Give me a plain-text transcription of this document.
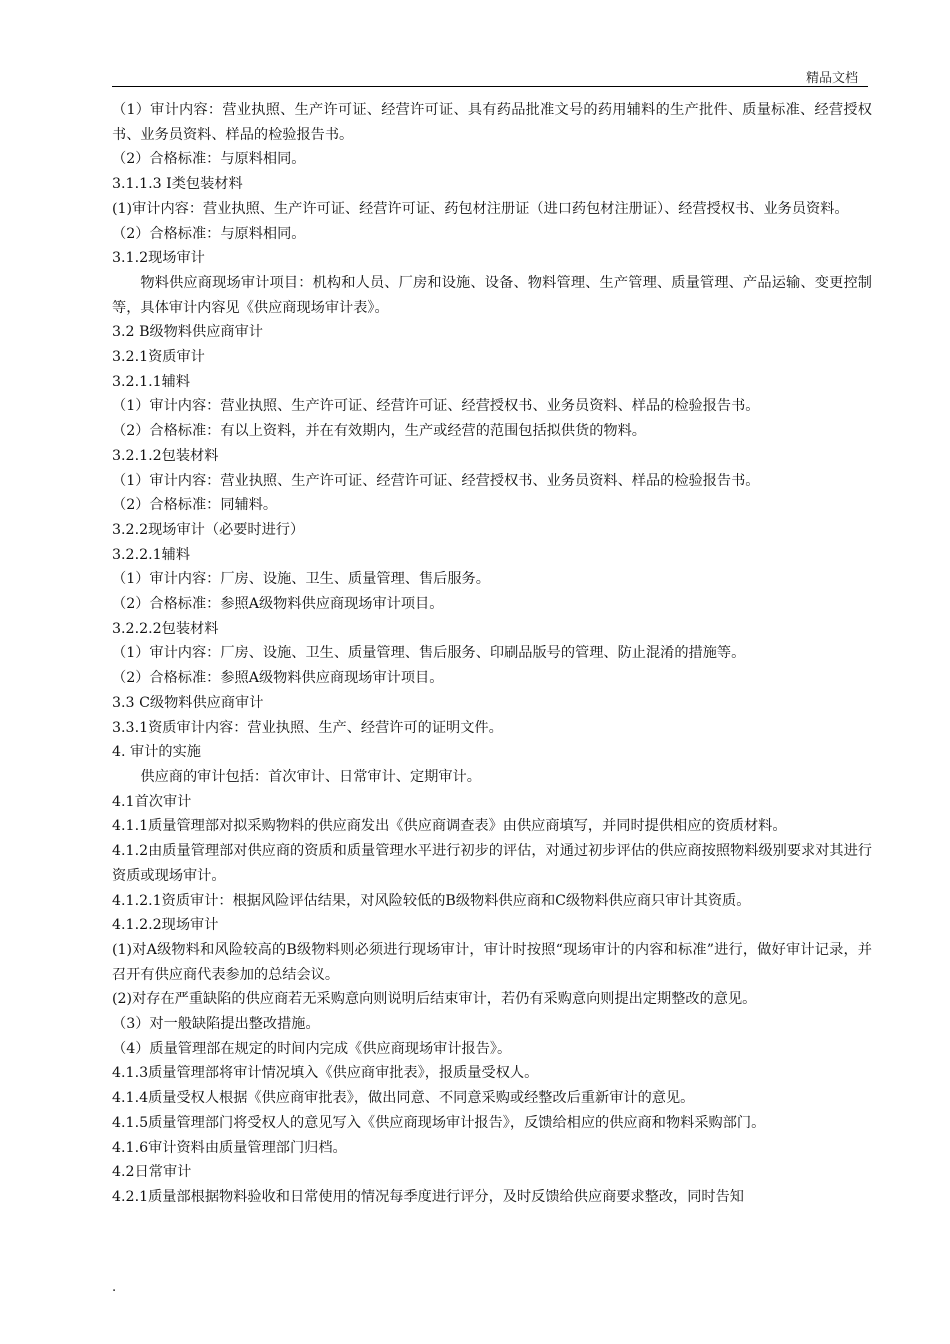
精品文档

（1）审计内容：营业执照、生产许可证、经营许可证、具有药品批准文号的药用辅料的生产批件、质量标准、经营授权书、业务员资料、样品的检验报告书。

（2）合格标准：与原料相同。

3.1.1.3 Ⅰ类包装材料

(1)审计内容：营业执照、生产许可证、经营许可证、药包材注册证（进口药包材注册证）、经营授权书、业务员资料。

（2）合格标准：与原料相同。

3.1.2现场审计

物料供应商现场审计项目：机构和人员、厂房和设施、设备、物料管理、生产管理、质量管理、产品运输、变更控制等，具体审计内容见《供应商现场审计表》。

3.2 B级物料供应商审计

3.2.1资质审计

3.2.1.1辅料

（1）审计内容：营业执照、生产许可证、经营许可证、经营授权书、业务员资料、样品的检验报告书。

（2）合格标准：有以上资料，并在有效期内，生产或经营的范围包括拟供货的物料。

3.2.1.2包装材料

（1）审计内容：营业执照、生产许可证、经营许可证、经营授权书、业务员资料、样品的检验报告书。

（2）合格标准：同辅料。

3.2.2现场审计（必要时进行）

3.2.2.1辅料

（1）审计内容：厂房、设施、卫生、质量管理、售后服务。

（2）合格标准：参照A级物料供应商现场审计项目。

3.2.2.2包装材料

（1）审计内容：厂房、设施、卫生、质量管理、售后服务、印刷品版号的管理、防止混淆的措施等。

（2）合格标准：参照A级物料供应商现场审计项目。

3.3 C级物料供应商审计

3.3.1资质审计内容：营业执照、生产、经营许可的证明文件。

4. 审计的实施

供应商的审计包括：首次审计、日常审计、定期审计。

4.1首次审计

4.1.1质量管理部对拟采购物料的供应商发出《供应商调查表》由供应商填写，并同时提供相应的资质材料。

4.1.2由质量管理部对供应商的资质和质量管理水平进行初步的评估，对通过初步评估的供应商按照物料级别要求对其进行资质或现场审计。

4.1.2.1资质审计：根据风险评估结果，对风险较低的B级物料供应商和C级物料供应商只审计其资质。

4.1.2.2现场审计

(1)对A级物料和风险较高的B级物料则必须进行现场审计，审计时按照“现场审计的内容和标准”进行，做好审计记录，并召开有供应商代表参加的总结会议。

(2)对存在严重缺陷的供应商若无采购意向则说明后结束审计，若仍有采购意向则提出定期整改的意见。

（3）对一般缺陷提出整改措施。

（4）质量管理部在规定的时间内完成《供应商现场审计报告》。

4.1.3质量管理部将审计情况填入《供应商审批表》，报质量受权人。

4.1.4质量受权人根据《供应商审批表》，做出同意、不同意采购或经整改后重新审计的意见。

4.1.5质量管理部门将受权人的意见写入《供应商现场审计报告》，反馈给相应的供应商和物料采购部门。

4.1.6审计资料由质量管理部门归档。

4.2日常审计

4.2.1质量部根据物料验收和日常使用的情况每季度进行评分，及时反馈给供应商要求整改，同时告知

.
